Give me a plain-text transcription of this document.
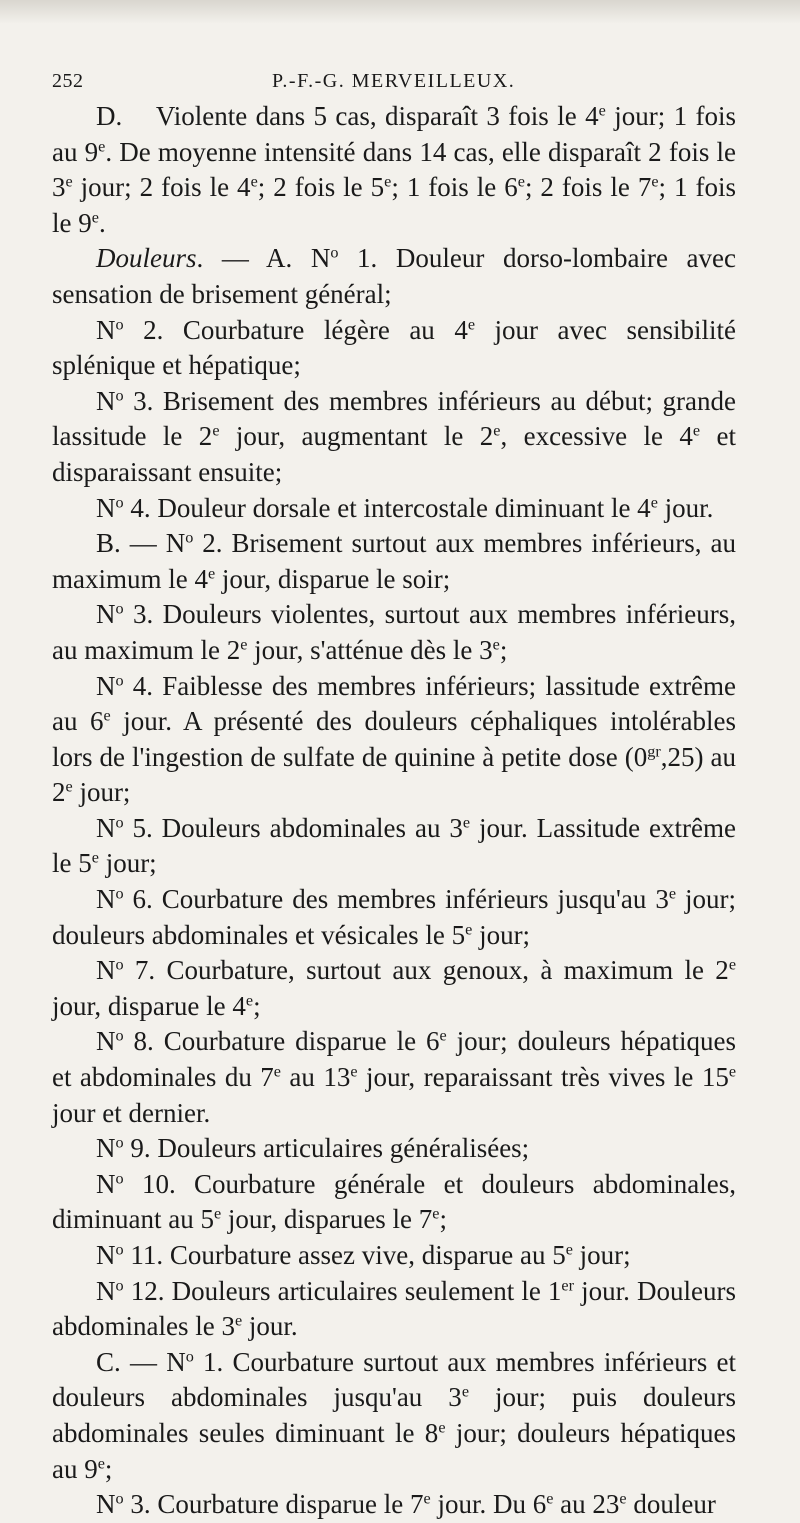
252	P.-F.-G. MERVEILLEUX.

D.    Violente dans 5 cas, disparaît 3 fois le 4e jour; 1 fois au 9e. De moyenne intensité dans 14 cas, elle disparaît 2 fois le 3e jour; 2 fois le 4e; 2 fois le 5e; 1 fois le 6e; 2 fois le 7e; 1 fois le 9e.

Douleurs. — A. $N^o$ 1. Douleur dorso-lombaire avec sensation de brisement général;

$N^o$ 2. Courbature légère au 4e jour avec sensibilité splénique et hépatique;

$N^o$ 3. Brisement des membres inférieurs au début; grande lassitude le 2e jour, augmentant le 2e, excessive le 4e et disparaissant ensuite;

$N^o$ 4. Douleur dorsale et intercostale diminuant le 4e jour.

B. — $N^o$ 2. Brisement surtout aux membres inférieurs, au maximum le 4e jour, disparue le soir;

$N^o$ 3. Douleurs violentes, surtout aux membres inférieurs, au maximum le 2e jour, s'atténue dès le 3e;

$N^o$ 4. Faiblesse des membres inférieurs; lassitude extrême au 6e jour. A présenté des douleurs céphaliques intolérables lors de l'ingestion de sulfate de quinine à petite dose $(0^{gr},25)$ au 2e jour;

$N^o$ 5. Douleurs abdominales au 3e jour. Lassitude extrême le 5e jour;

$N^o$ 6. Courbature des membres inférieurs jusqu'au 3e jour; douleurs abdominales et vésicales le 5e jour;

$N^o$ 7. Courbature, surtout aux genoux, à maximum le 2e jour, disparue le 4e;

$N^o$ 8. Courbature disparue le 6e jour; douleurs hépatiques et abdominales du 7e au 13e jour, reparaissant très vives le 15e jour et dernier.

$N^o$ 9. Douleurs articulaires généralisées;

$N^o$ 10. Courbature générale et douleurs abdominales, diminuant au 5e jour, disparues le 7e;

$N^o$ 11. Courbature assez vive, disparue au 5e jour;

$N^o$ 12. Douleurs articulaires seulement le 1er jour. Douleurs abdominales le 3e jour.

C. — $N^o$ 1. Courbature surtout aux membres inférieurs et douleurs abdominales jusqu'au 3e jour; puis douleurs abdominales seules diminuant le 8e jour; douleurs hépatiques au 9e;

$N^o$ 3. Courbature disparue le 7e jour. Du 6e au 23e douleur
